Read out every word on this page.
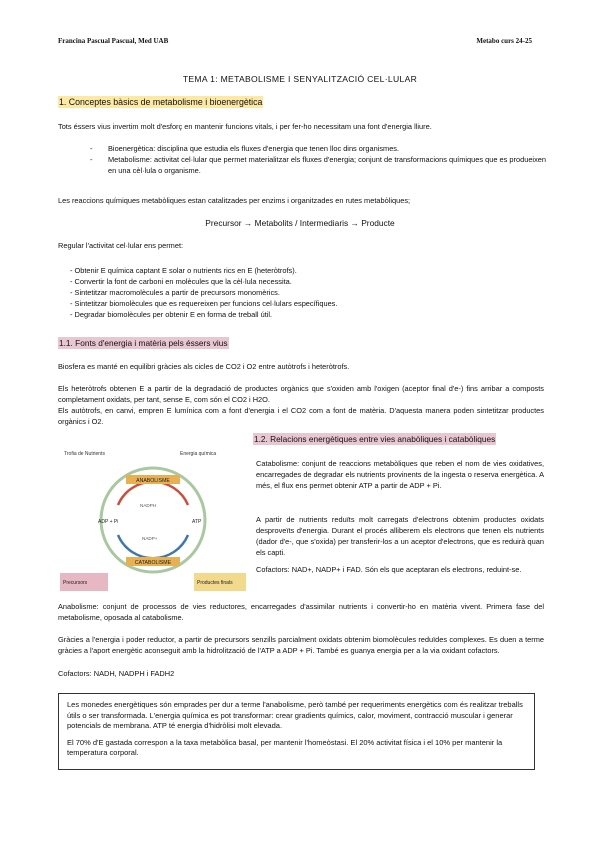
Francina Pascual Pascual, Med UAB	Metabo curs 24-25
TEMA 1: METABOLISME I SENYALITZACIÓ CEL·LULAR
1. Conceptes bàsics de metabolisme i bioenergètica
Tots éssers vius invertim molt d'esforç en mantenir funcions vitals, i per fer-ho necessitam una font d'energia lliure.
- Bioenergètica: disciplina que estudia els fluxes d'energia que tenen lloc dins organismes.
- Metabolisme: activitat cel·lular que permet materialitzar els fluxes d'energia; conjunt de transformacions químiques que es produeixen en una cèl·lula o organisme.
Les reaccions químiques metabòliques estan catalitzades per enzims i organitzades en rutes metabòliques;
Precursor → Metabolits / Intermediaris → Producte
Regular l'activitat cel·lular ens permet:
- Obtenir E química captant E solar o nutrients rics en E (heteròtrofs).
- Convertir la font de carboni en molècules que la cèl·lula necessita.
- Sintetitzar macromolècules a partir de precursors monomèrics.
- Sintetitzar biomolècules que es requereixen per funcions cel·lulars específiques.
- Degradar biomolècules per obtenir E en forma de treball útil.
1.1. Fonts d'energia i matèria pels éssers vius
Biosfera es manté en equilibri gràcies als cicles de CO2 i O2 entre autòtrofs i heteròtrofs.
Els heteròtrofs obtenen E a partir de la degradació de productes orgànics que s'oxiden amb l'oxigen (aceptor final d'e-) fins arribar a composts completament oxidats, per tant, sense E, com són el CO2 i H2O.
Els autòtrofs, en canvi, empren E lumínica com a font d'energia i el CO2 com a font de matèria. D'aquesta manera poden sintetitzar productes orgànics i O2.
1.2. Relacions energètiques entre vies anabòliques i catabòliques
Trofia de Nutrients	Energia química
ANABOLISME
CATABOLISME
ADP + Pi	ATP
NADPH
NADP+
Precursors	Productes finals
Catabolisme: conjunt de reaccions metabòliques que reben el nom de vies oxidatives, encarregades de degradar els nutrients provinents de la ingesta o reserva energètica. A més, el flux ens permet obtenir ATP a partir de ADP + Pi.
A partir de nutrients reduïts molt carregats d'electrons obtenim productes oxidats desproveïts d'energia. Durant el procés alliberem els electrons que tenen els nutrients (dador d'e-, que s'oxida) per transferir-los a un aceptor d'electrons, que es reduirà quan els capti.
Cofactors: NAD+, NADP+ i FAD. Són els que aceptaran els electrons, reduint-se.
Anabolisme: conjunt de processos de vies reductores, encarregades d'assimilar nutrients i convertir-ho en matèria vivent. Primera fase del metabolisme, oposada al catabolisme.
Gràcies a l'energia i poder reductor, a partir de precursors senzills parcialment oxidats obtenim biomolècules reduïdes complexes. Es duen a terme gràcies a l'aport energètic aconseguit amb la hidrolització de l'ATP a ADP + Pi. També es guanya energia per a la via oxidant cofactors.
Cofactors: NADH, NADPH i FADH2
Les monedes energètiques són emprades per dur a terme l'anabolisme, però també per requeriments energètics com és realitzar treballs útils o ser transformada. L'energia química es pot transformar: crear gradients químics, calor, moviment, contracció muscular i generar potencials de membrana. ATP té energia d'hidròlisi molt elevada.
El 70% d'E gastada correspon a la taxa metabòlica basal, per mantenir l'homeòstasi. El 20% activitat física i el 10% per mantenir la temperatura corporal.
